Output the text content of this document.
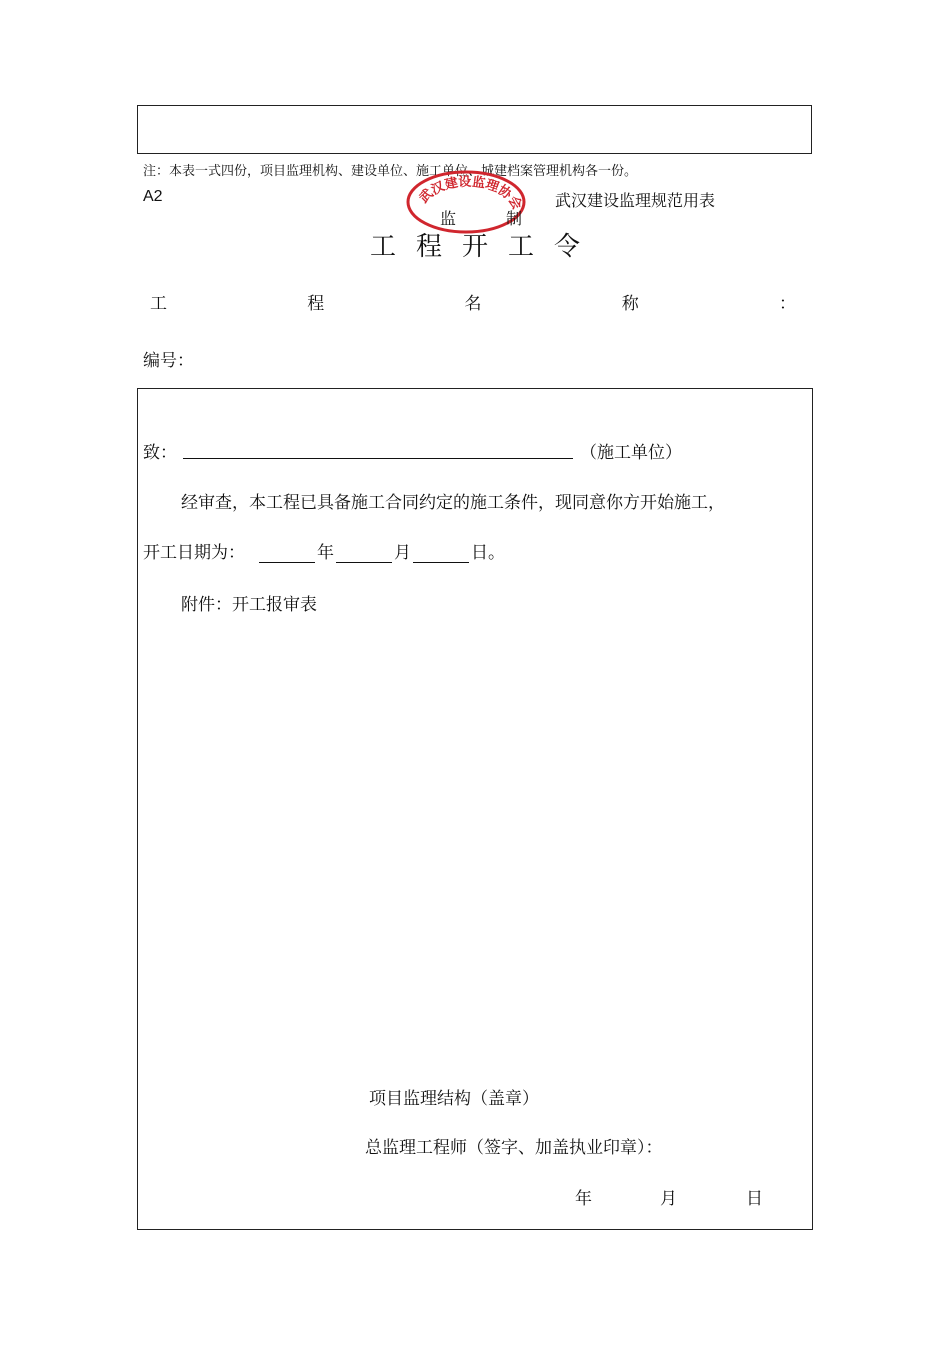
注：本表一式四份，项目监理机构、建设单位、施工单位、城建档案管理机构各一份。
A2	武汉建设监理规范用表
武汉建设监理协会
监	制
工程开工令
工	程	名	称	：
编号：
致：	（施工单位）
经审查，本工程已具备施工合同约定的施工条件，现同意你方开始施工，
开工日期为：	年	月	日。
附件：开工报审表
项目监理结构（盖章）
总监理工程师（签字、加盖执业印章）：
年	月	日
